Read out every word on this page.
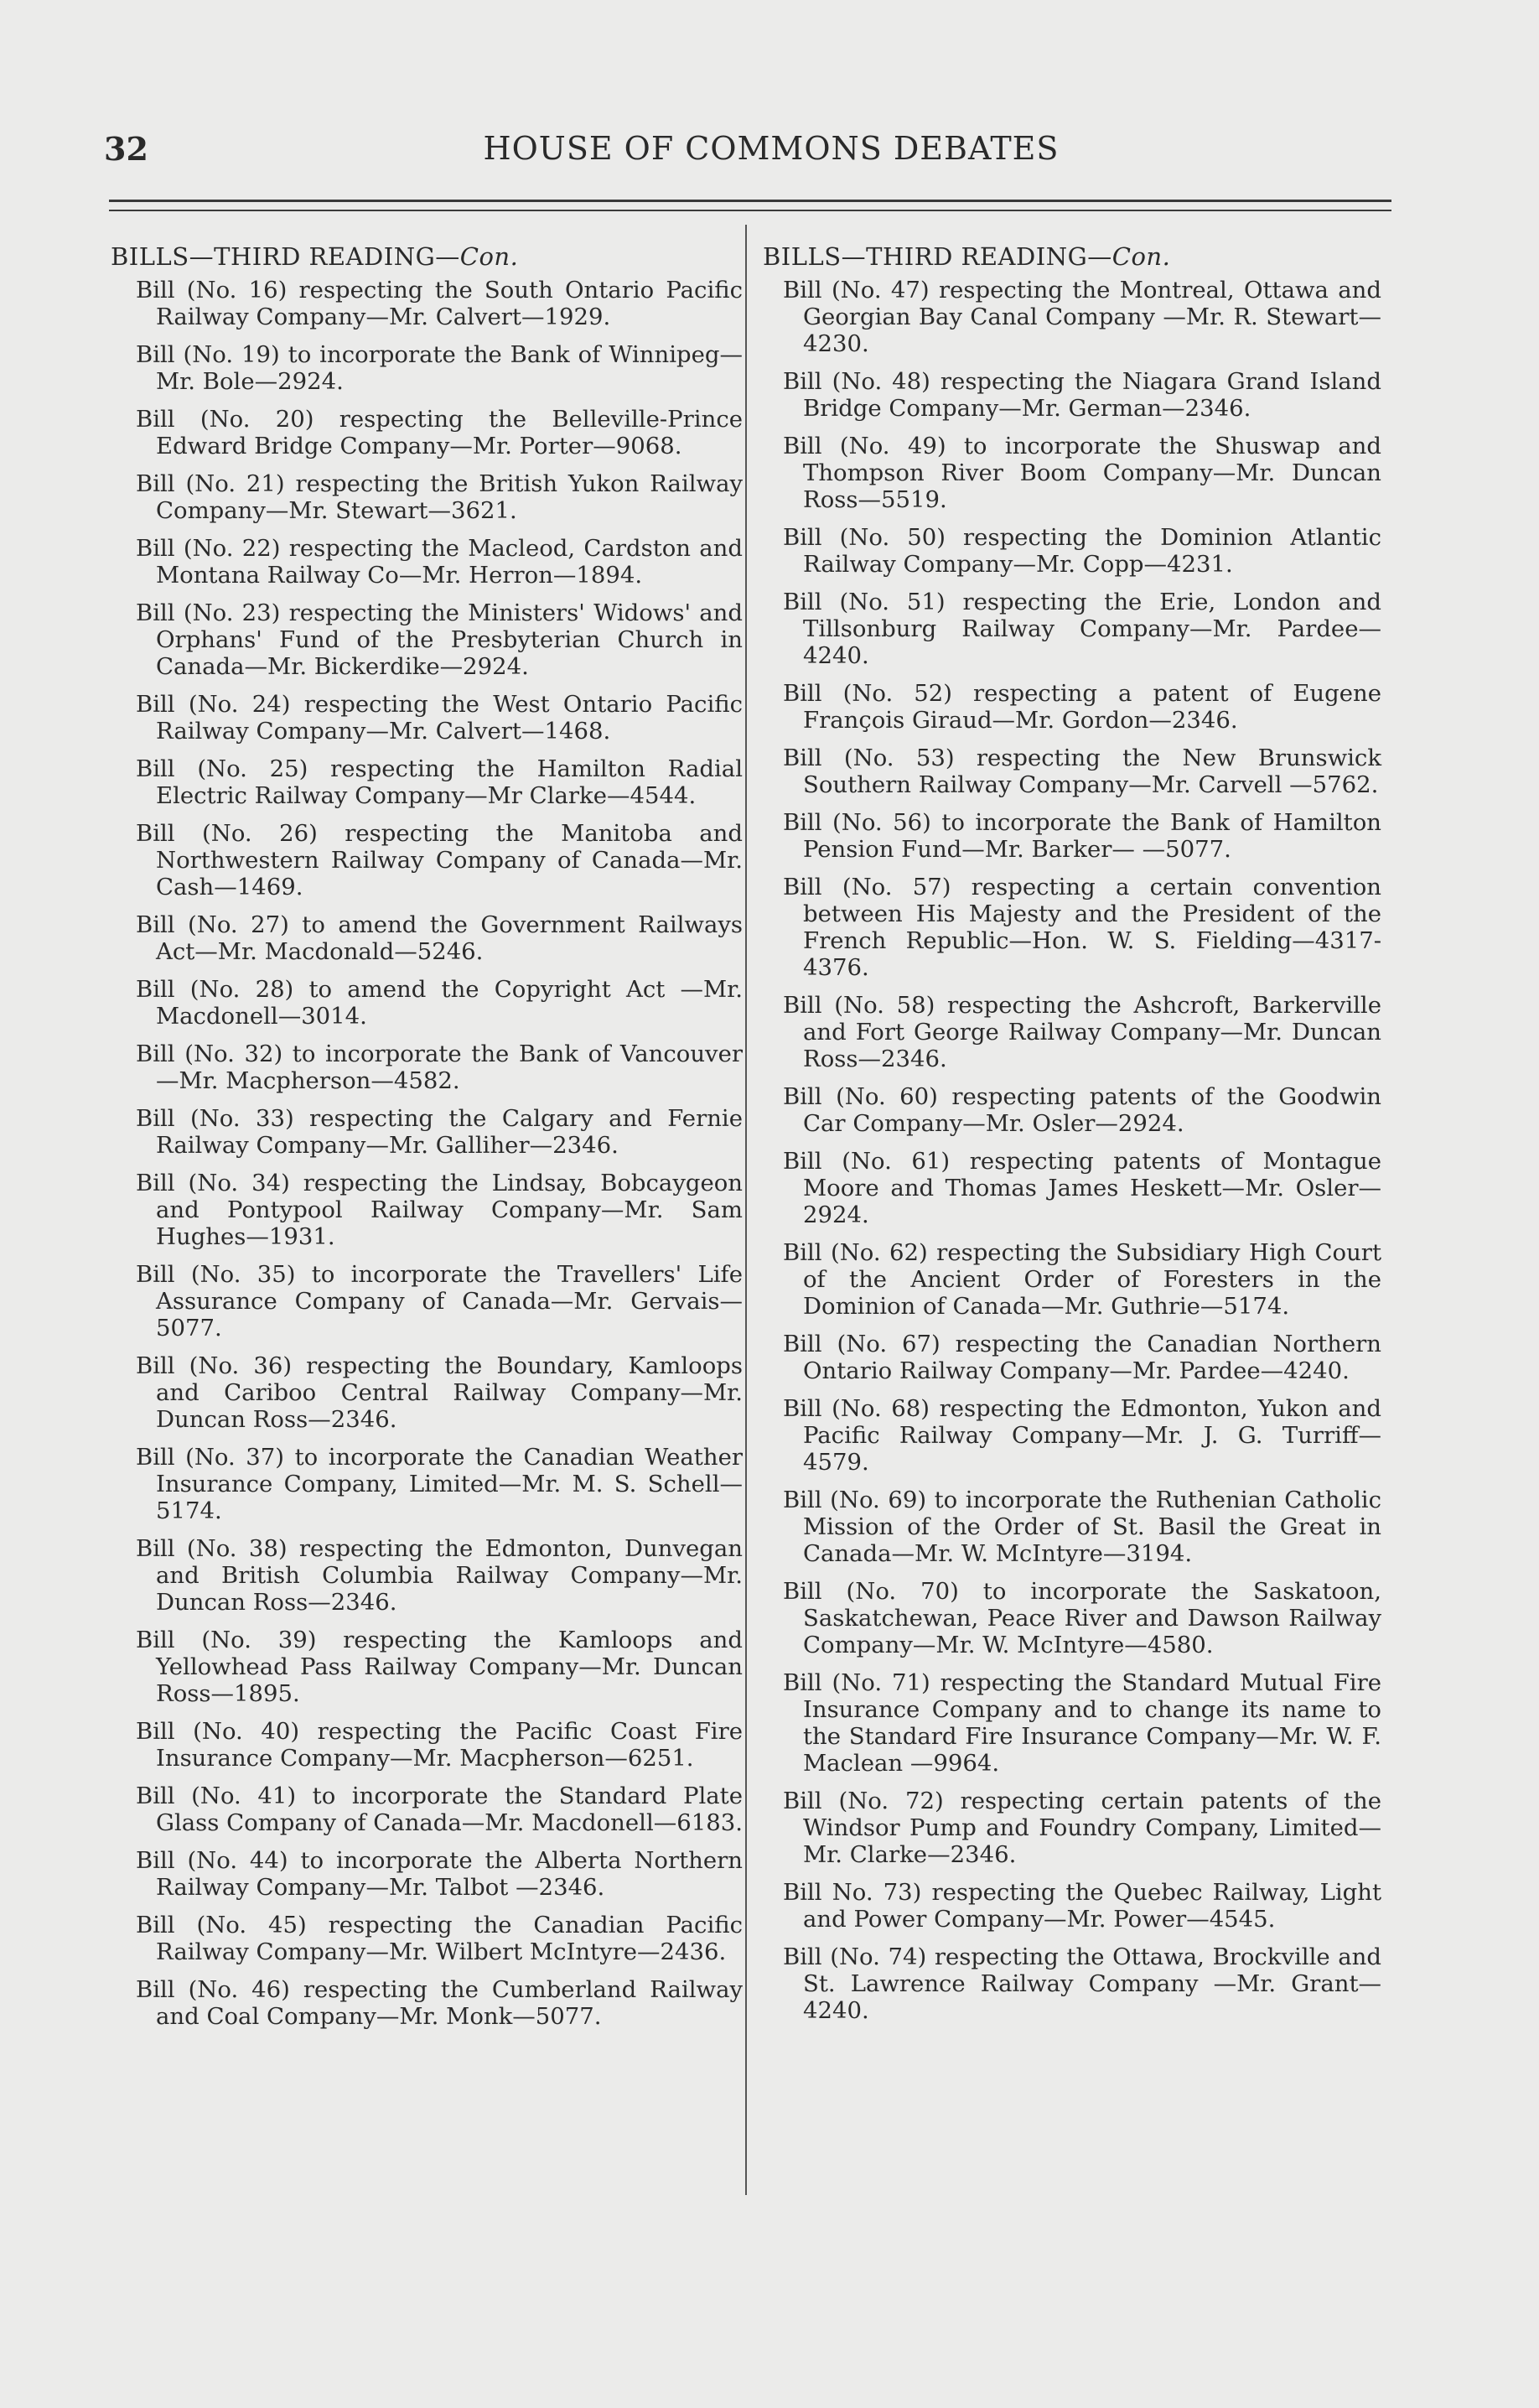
32	HOUSE OF COMMONS DEBATES
BILLS—THIRD READING—Con.

Bill (No. 16) respecting the South Ontario Pacific Railway Company—Mr. Calvert—1929.

Bill (No. 19) to incorporate the Bank of Winnipeg—Mr. Bole—2924.

Bill (No. 20) respecting the Belleville-Prince Edward Bridge Company—Mr. Porter—9068.

Bill (No. 21) respecting the British Yukon Railway Company—Mr. Stewart—3621.

Bill (No. 22) respecting the Macleod, Cardston and Montana Railway Co—Mr. Herron—1894.

Bill (No. 23) respecting the Ministers' Widows' and Orphans' Fund of the Presbyterian Church in Canada—Mr. Bickerdike—2924.

Bill (No. 24) respecting the West Ontario Pacific Railway Company—Mr. Calvert—1468.

Bill (No. 25) respecting the Hamilton Radial Electric Railway Company—Mr Clarke—4544.

Bill (No. 26) respecting the Manitoba and Northwestern Railway Company of Canada—Mr. Cash—1469.

Bill (No. 27) to amend the Government Railways Act—Mr. Macdonald—5246.

Bill (No. 28) to amend the Copyright Act —Mr. Macdonell—3014.

Bill (No. 32) to incorporate the Bank of Vancouver—Mr. Macpherson—4582.

Bill (No. 33) respecting the Calgary and Fernie Railway Company—Mr. Galliher—2346.

Bill (No. 34) respecting the Lindsay, Bobcaygeon and Pontypool Railway Company—Mr. Sam Hughes—1931.

Bill (No. 35) to incorporate the Travellers' Life Assurance Company of Canada—Mr. Gervais—5077.

Bill (No. 36) respecting the Boundary, Kamloops and Cariboo Central Railway Company—Mr. Duncan Ross—2346.

Bill (No. 37) to incorporate the Canadian Weather Insurance Company, Limited—Mr. M. S. Schell—5174.

Bill (No. 38) respecting the Edmonton, Dunvegan and British Columbia Railway Company—Mr. Duncan Ross—2346.

Bill (No. 39) respecting the Kamloops and Yellowhead Pass Railway Company—Mr. Duncan Ross—1895.

Bill (No. 40) respecting the Pacific Coast Fire Insurance Company—Mr. Macpherson—6251.

Bill (No. 41) to incorporate the Standard Plate Glass Company of Canada—Mr. Macdonell—6183.

Bill (No. 44) to incorporate the Alberta Northern Railway Company—Mr. Talbot —2346.

Bill (No. 45) respecting the Canadian Pacific Railway Company—Mr. Wilbert McIntyre—2436.

Bill (No. 46) respecting the Cumberland Railway and Coal Company—Mr. Monk—5077.

BILLS—THIRD READING—Con.

Bill (No. 47) respecting the Montreal, Ottawa and Georgian Bay Canal Company —Mr. R. Stewart—4230.

Bill (No. 48) respecting the Niagara Grand Island Bridge Company—Mr. German—2346.

Bill (No. 49) to incorporate the Shuswap and Thompson River Boom Company—Mr. Duncan Ross—5519.

Bill (No. 50) respecting the Dominion Atlantic Railway Company—Mr. Copp—4231.

Bill (No. 51) respecting the Erie, London and Tillsonburg Railway Company—Mr. Pardee—4240.

Bill (No. 52) respecting a patent of Eugene François Giraud—Mr. Gordon—2346.

Bill (No. 53) respecting the New Brunswick Southern Railway Company—Mr. Carvell —5762.

Bill (No. 56) to incorporate the Bank of Hamilton Pension Fund—Mr. Barker— —5077.

Bill (No. 57) respecting a certain convention between His Majesty and the President of the French Republic—Hon. W. S. Fielding—4317-4376.

Bill (No. 58) respecting the Ashcroft, Barkerville and Fort George Railway Company—Mr. Duncan Ross—2346.

Bill (No. 60) respecting patents of the Goodwin Car Company—Mr. Osler—2924.

Bill (No. 61) respecting patents of Montague Moore and Thomas James Heskett—Mr. Osler—2924.

Bill (No. 62) respecting the Subsidiary High Court of the Ancient Order of Foresters in the Dominion of Canada—Mr. Guthrie—5174.

Bill (No. 67) respecting the Canadian Northern Ontario Railway Company—Mr. Pardee—4240.

Bill (No. 68) respecting the Edmonton, Yukon and Pacific Railway Company—Mr. J. G. Turriff—4579.

Bill (No. 69) to incorporate the Ruthenian Catholic Mission of the Order of St. Basil the Great in Canada—Mr. W. McIntyre—3194.

Bill (No. 70) to incorporate the Saskatoon, Saskatchewan, Peace River and Dawson Railway Company—Mr. W. McIntyre—4580.

Bill (No. 71) respecting the Standard Mutual Fire Insurance Company and to change its name to the Standard Fire Insurance Company—Mr. W. F. Maclean —9964.

Bill (No. 72) respecting certain patents of the Windsor Pump and Foundry Company, Limited—Mr. Clarke—2346.

Bill No. 73) respecting the Quebec Railway, Light and Power Company—Mr. Power—4545.

Bill (No. 74) respecting the Ottawa, Brockville and St. Lawrence Railway Company —Mr. Grant—4240.
